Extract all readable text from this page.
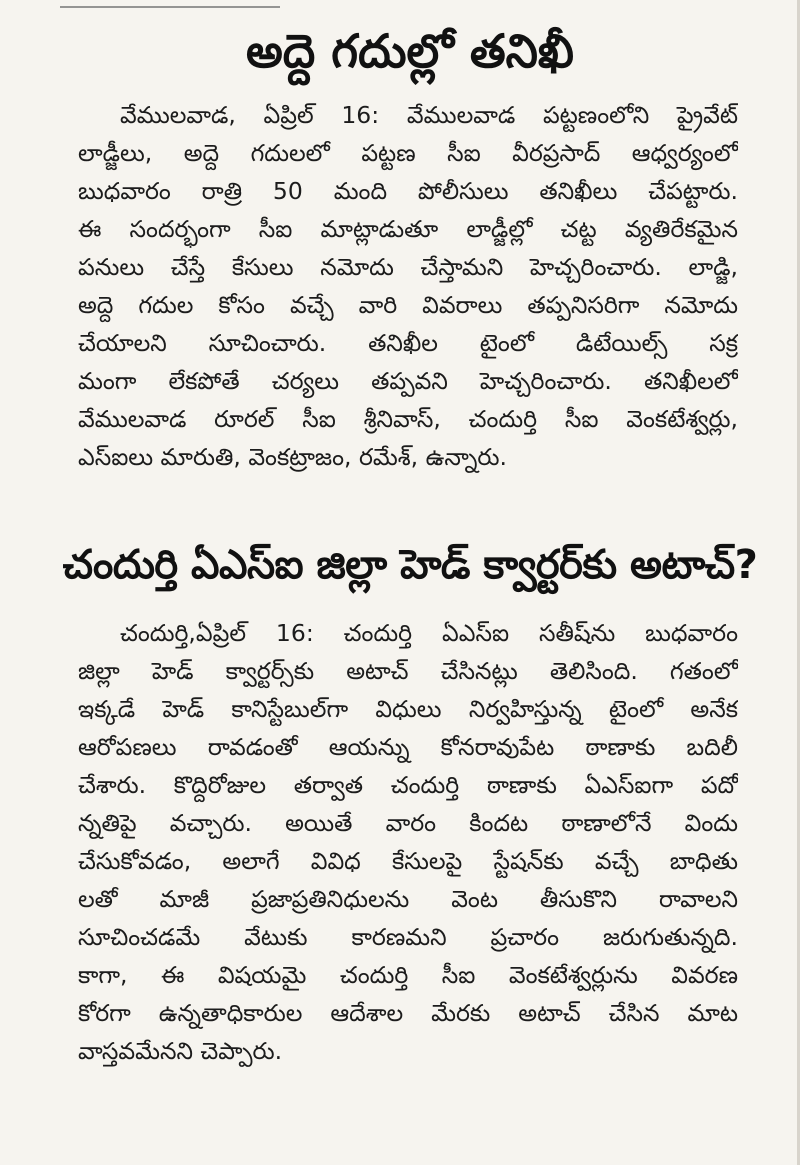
అద్దె గదుల్లో తనిఖీ
వేములవాడ, ఏప్రిల్ 16: వేములవాడ పట్టణంలోని ప్రైవేట్
లాడ్జీలు, అద్దె గదులలో పట్టణ సీఐ వీరప్రసాద్ ఆధ్వర్యంలో
బుధవారం రాత్రి 50 మంది పోలీసులు తనిఖీలు చేపట్టారు.
ఈ సందర్భంగా సీఐ మాట్లాడుతూ లాడ్జీల్లో చట్ట వ్యతిరేకమైన
పనులు చేస్తే కేసులు నమోదు చేస్తామని హెచ్చరించారు. లాడ్జి,
అద్దె గదుల కోసం వచ్చే వారి వివరాలు తప్పనిసరిగా నమోదు
చేయాలని సూచించారు. తనిఖీల టైంలో డిటేయిల్స్ సక్ర
మంగా లేకపోతే చర్యలు తప్పవని హెచ్చరించారు. తనిఖీలలో
వేములవాడ రూరల్ సీఐ శ్రీనివాస్, చందుర్తి సీఐ వెంకటేశ్వర్లు,
ఎస్ఐలు మారుతి, వెంకట్రాజం, రమేశ్, ఉన్నారు.
చందుర్తి ఏఎస్ఐ జిల్లా హెడ్ క్వార్టర్‌కు అటాచ్?
చందుర్తి,ఏప్రిల్ 16: చందుర్తి ఏఎస్ఐ సతీష్‌ను బుధవారం
జిల్లా హెడ్ క్వార్టర్స్‌కు అటాచ్ చేసినట్లు తెలిసింది. గతంలో
ఇక్కడే హెడ్ కానిస్టేబుల్‌గా విధులు నిర్వహిస్తున్న టైంలో అనేక
ఆరోపణలు రావడంతో ఆయన్ను కోనరావుపేట ఠాణాకు బదిలీ
చేశారు. కొద్దిరోజుల తర్వాత చందుర్తి ఠాణాకు ఏఎస్ఐగా పదో
న్నతిపై వచ్చారు. అయితే వారం కిందట ఠాణాలోనే విందు
చేసుకోవడం, అలాగే వివిధ కేసులపై స్టేషన్‌కు వచ్చే బాధితు
లతో మాజీ ప్రజాప్రతినిధులను వెంట తీసుకొని రావాలని
సూచించడమే వేటుకు కారణమని ప్రచారం జరుగుతున్నది.
కాగా, ఈ విషయమై చందుర్తి సీఐ వెంకటేశ్వర్లును వివరణ
కోరగా ఉన్నతాధికారుల ఆదేశాల మేరకు అటాచ్ చేసిన మాట
వాస్తవమేనని చెప్పారు.
